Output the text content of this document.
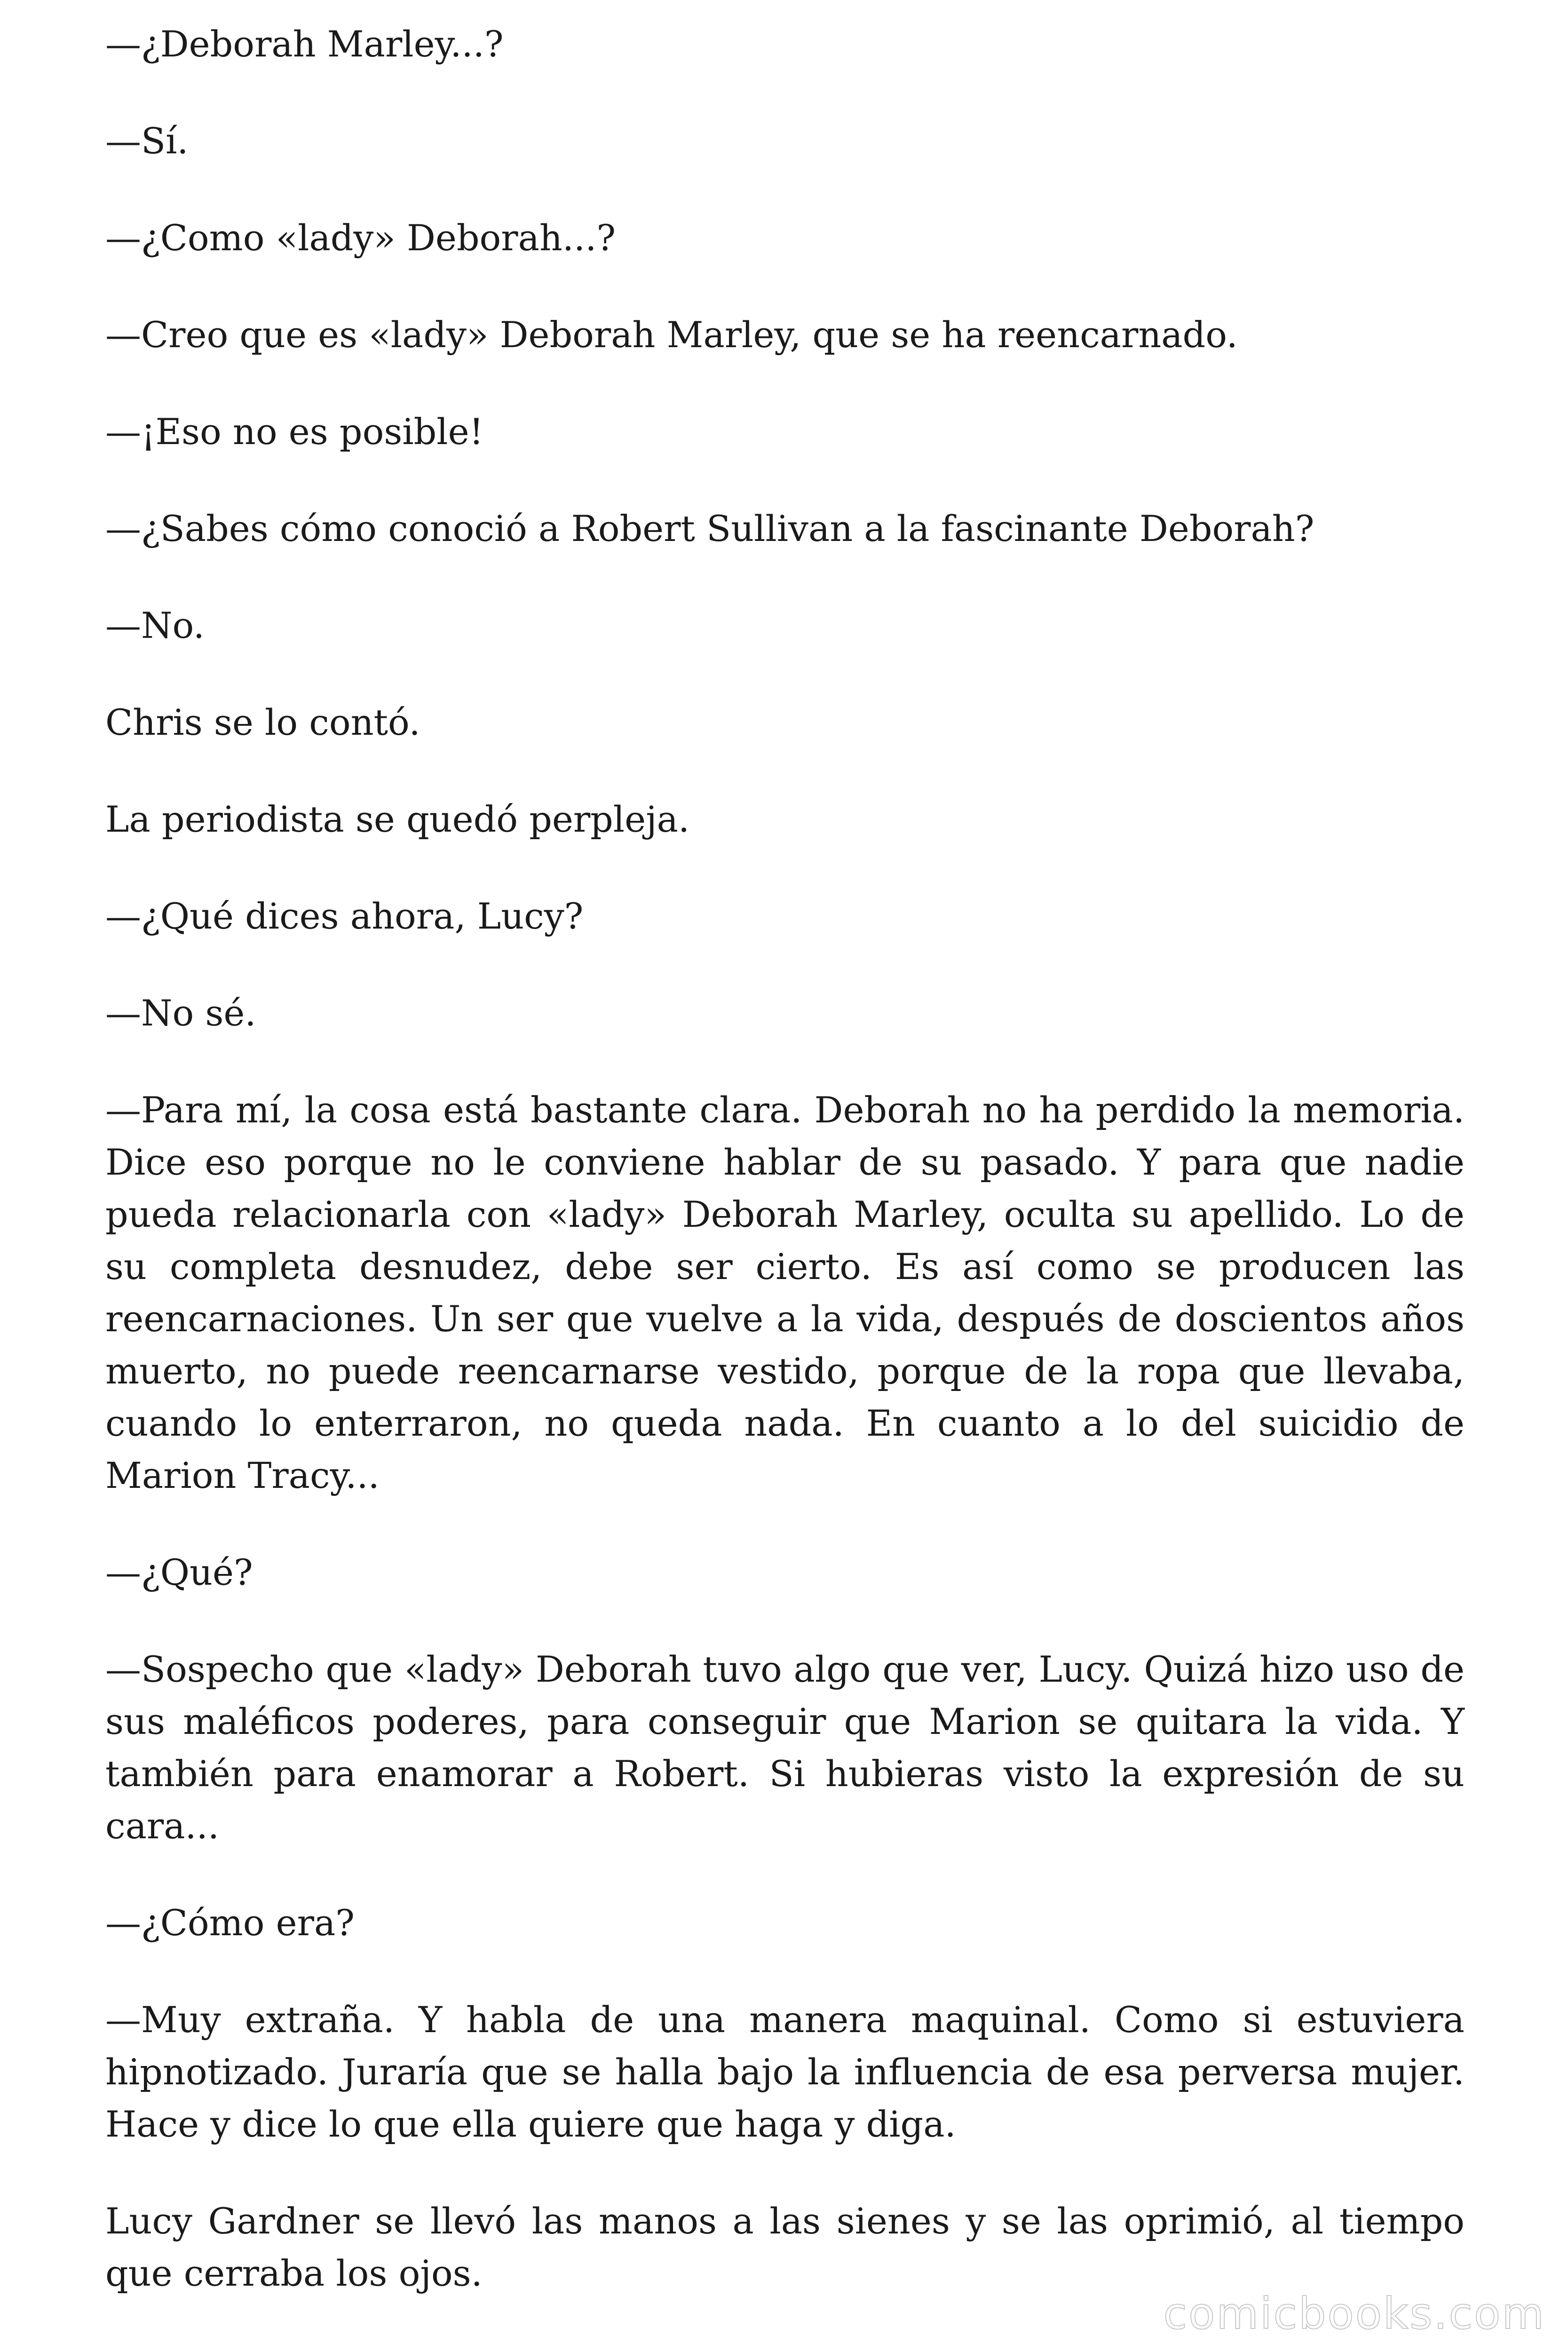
—¿Deborah Marley...?

—Sí.

—¿Como «lady» Deborah...?

—Creo que es «lady» Deborah Marley, que se ha reencarnado.

—¡Eso no es posible!

—¿Sabes cómo conoció a Robert Sullivan a la fascinante Deborah?

—No.

Chris se lo contó.

La periodista se quedó perpleja.

—¿Qué dices ahora, Lucy?

—No sé.

—Para mí, la cosa está bastante clara. Deborah no ha perdido la memoria. Dice eso porque no le conviene hablar de su pasado. Y para que nadie pueda relacionarla con «lady» Deborah Marley, oculta su apellido. Lo de su completa desnudez, debe ser cierto. Es así como se producen las reencarnaciones. Un ser que vuelve a la vida, después de doscientos años muerto, no puede reencarnarse vestido, porque de la ropa que llevaba, cuando lo enterraron, no queda nada. En cuanto a lo del suicidio de Marion Tracy...

—¿Qué?

—Sospecho que «lady» Deborah tuvo algo que ver, Lucy. Quizá hizo uso de sus maléficos poderes, para conseguir que Marion se quitara la vida. Y también para enamorar a Robert. Si hubieras visto la expresión de su cara...

—¿Cómo era?

—Muy extraña. Y habla de una manera maquinal. Como si estuviera hipnotizado. Juraría que se halla bajo la influencia de esa perversa mujer. Hace y dice lo que ella quiere que haga y diga.

Lucy Gardner se llevó las manos a las sienes y se las oprimió, al tiempo que cerraba los ojos.

comicbooks.com
